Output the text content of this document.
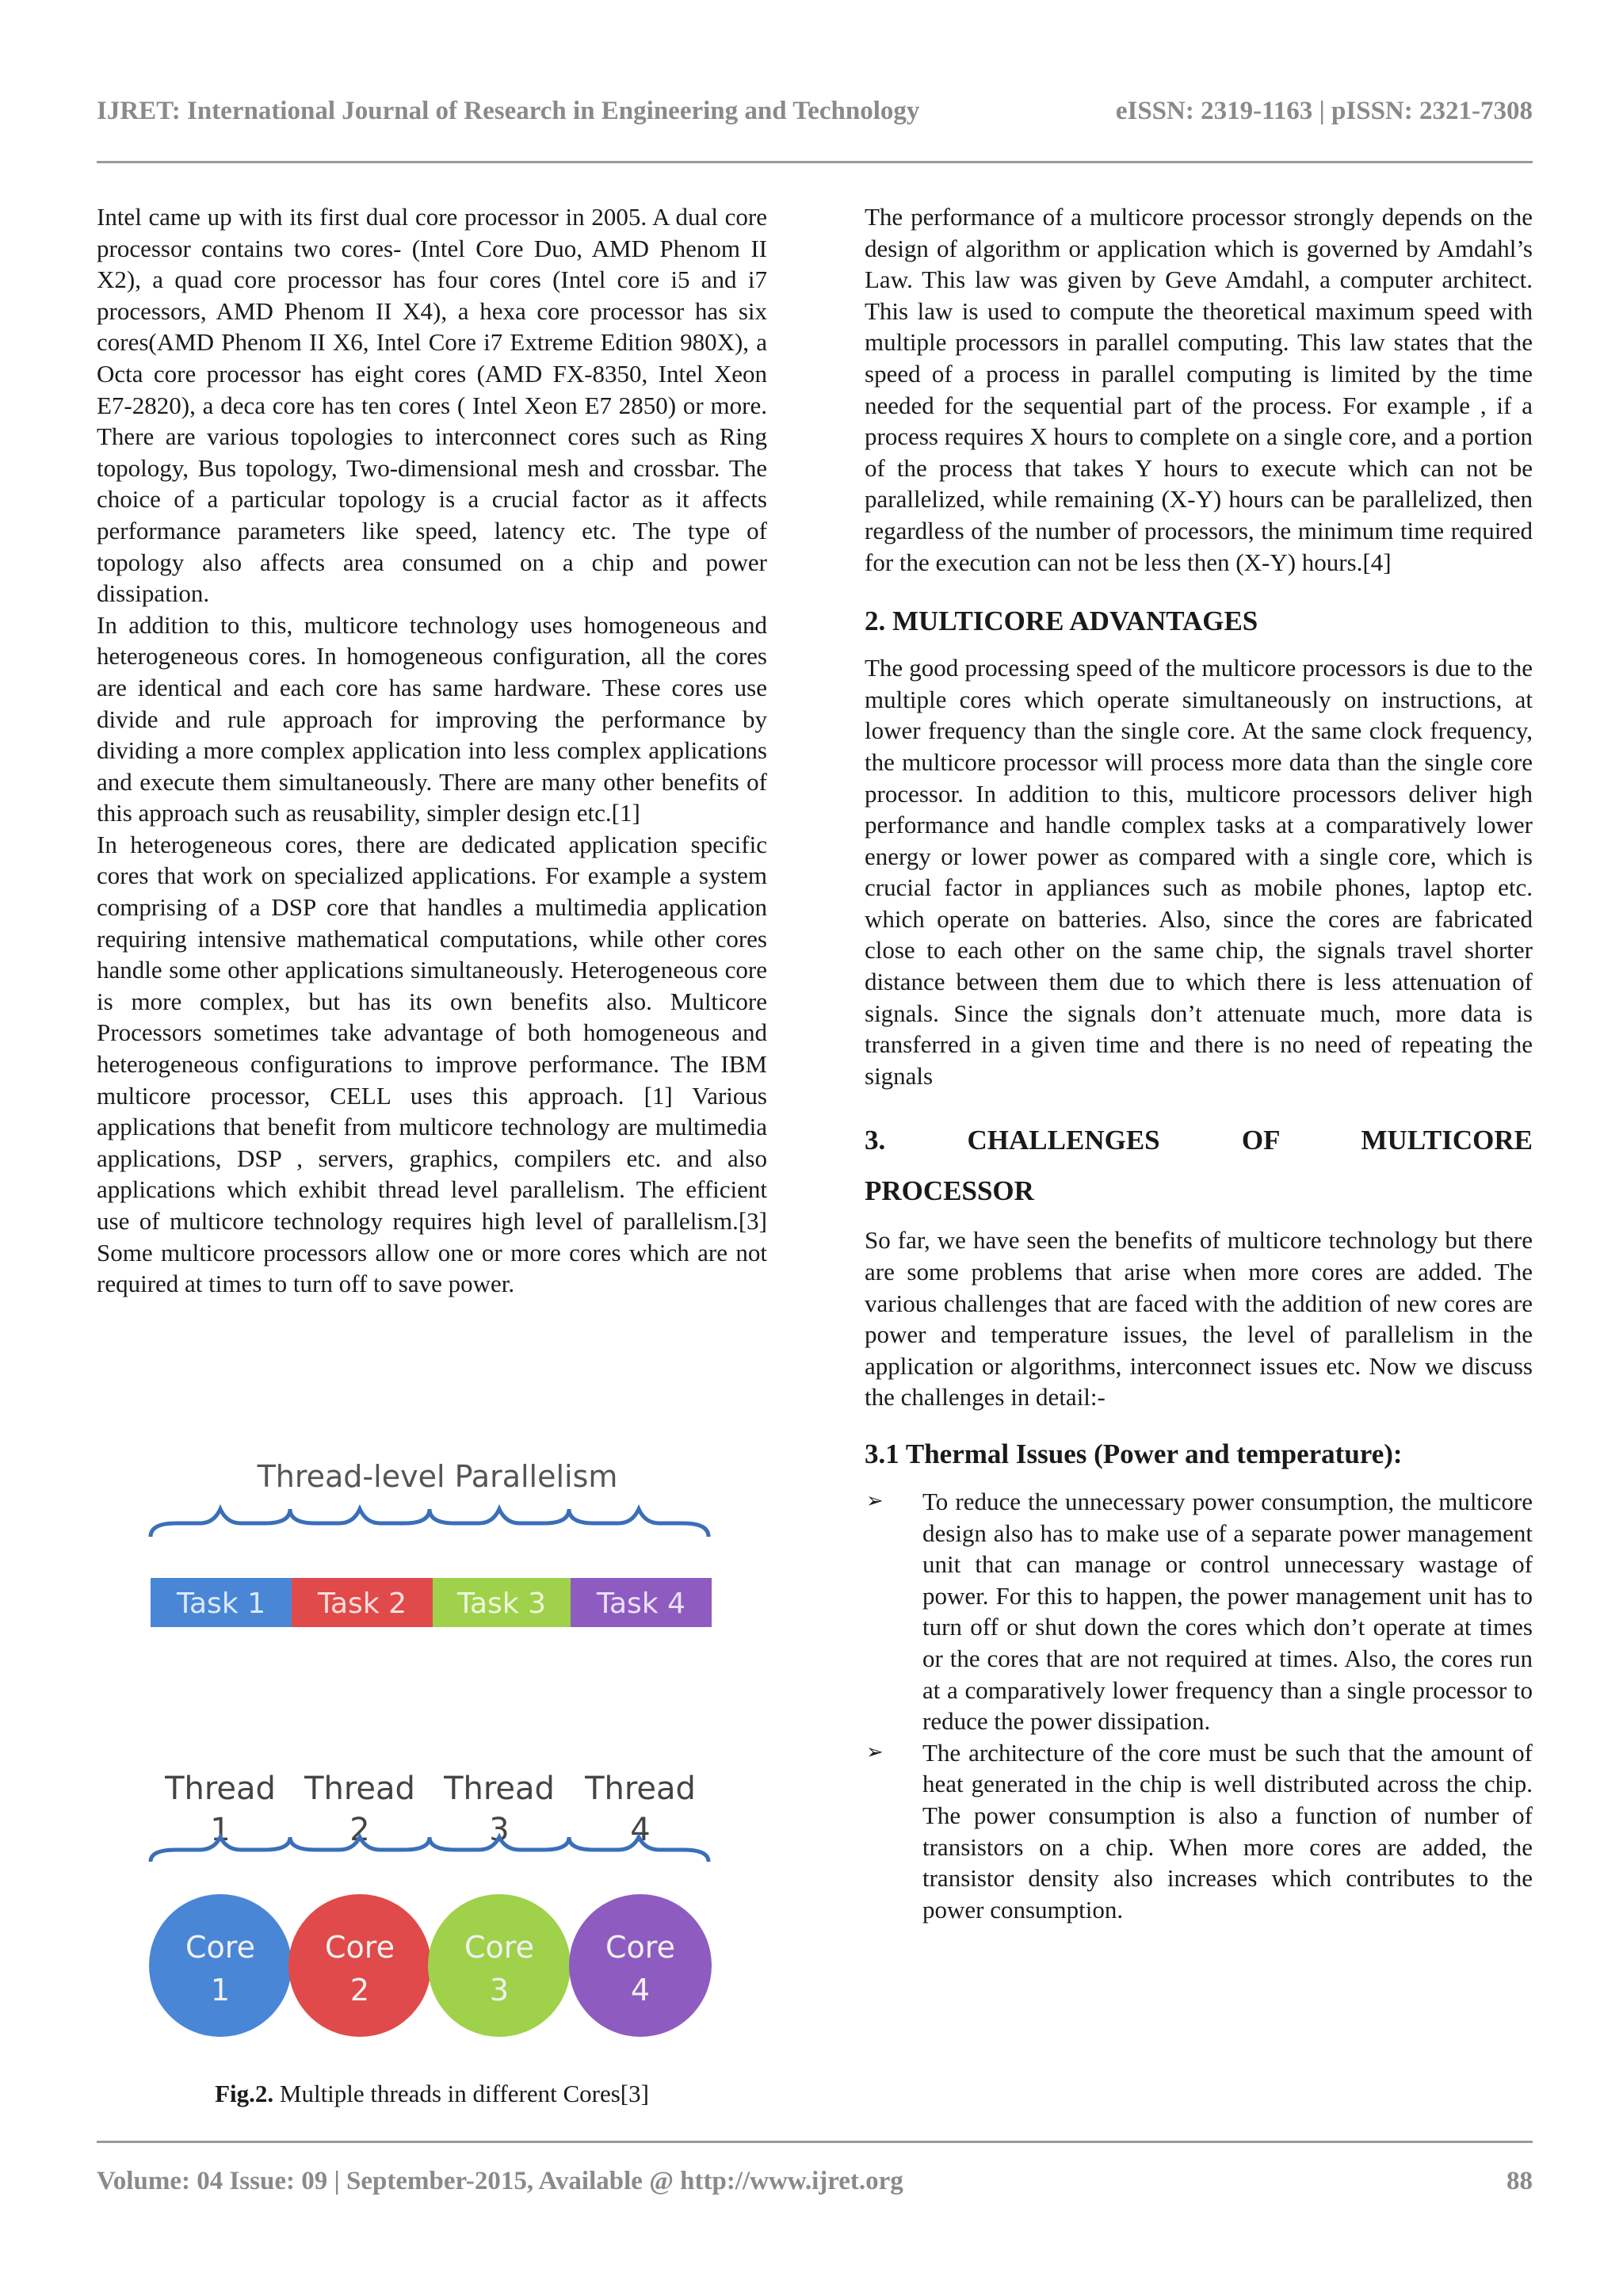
IJRET: International Journal of Research in Engineering and Technology	eISSN: 2319-1163 | pISSN: 2321-7308

Intel came up with its first dual core processor in 2005. A dual core processor contains two cores- (Intel Core Duo, AMD Phenom II X2), a quad core processor has four cores (Intel core i5 and i7 processors, AMD Phenom II X4), a hexa core processor has six cores(AMD Phenom II X6, Intel Core i7 Extreme Edition 980X), a Octa core processor has eight cores (AMD FX-8350, Intel Xeon E7-2820), a deca core has ten cores ( Intel Xeon E7 2850) or more. There are various topologies to interconnect cores such as Ring topology, Bus topology, Two-dimensional mesh and crossbar. The choice of a particular topology is a crucial factor as it affects performance parameters like speed, latency etc. The type of topology also affects area consumed on a chip and power dissipation.

In addition to this, multicore technology uses homogeneous and heterogeneous cores. In homogeneous configuration, all the cores are identical and each core has same hardware. These cores use divide and rule approach for improving the performance by dividing a more complex application into less complex applications and execute them simultaneously. There are many other benefits of this approach such as reusability, simpler design etc.[1]

In heterogeneous cores, there are dedicated application specific cores that work on specialized applications. For example a system comprising of a DSP core that handles a multimedia application requiring intensive mathematical computations, while other cores handle some other applications simultaneously. Heterogeneous core is more complex, but has its own benefits also. Multicore Processors sometimes take advantage of both homogeneous and heterogeneous configurations to improve performance. The IBM multicore processor, CELL uses this approach. [1] Various applications that benefit from multicore technology are multimedia applications, DSP , servers, graphics, compilers etc. and also applications which exhibit thread level parallelism. The efficient use of multicore technology requires high level of parallelism.[3] Some multicore processors allow one or more cores which are not required at times to turn off to save power.

Thread-level Parallelism
Task 1 Task 2 Task 3 Task 4
Thread
1
Thread
2
Thread
3
Thread
4
Core
1
Core
2
Core
3
Core
4
Fig.2. Multiple threads in different Cores[3]

The performance of a multicore processor strongly depends on the design of algorithm or application which is governed by Amdahl’s Law. This law was given by Geve Amdahl, a computer architect. This law is used to compute the theoretical maximum speed with multiple processors in parallel computing. This law states that the speed of a process in parallel computing is limited by the time needed for the sequential part of the process. For example , if a process requires X hours to complete on a single core, and a portion of the process that takes Y hours to execute which can not be parallelized, while remaining (X-Y) hours can be parallelized, then regardless of the number of processors, the minimum time required for the execution can not be less then (X-Y) hours.[4]

2. MULTICORE ADVANTAGES

The good processing speed of the multicore processors is due to the multiple cores which operate simultaneously on instructions, at lower frequency than the single core. At the same clock frequency, the multicore processor will process more data than the single core processor. In addition to this, multicore processors deliver high performance and handle complex tasks at a comparatively lower energy or lower power as compared with a single core, which is crucial factor in appliances such as mobile phones, laptop etc. which operate on batteries. Also, since the cores are fabricated close to each other on the same chip, the signals travel shorter distance between them due to which there is less attenuation of signals. Since the signals don’t attenuate much, more data is transferred in a given time and there is no need of repeating the signals

3. CHALLENGES OF MULTICORE
PROCESSOR

So far, we have seen the benefits of multicore technology but there are some problems that arise when more cores are added. The various challenges that are faced with the addition of new cores are power and temperature issues, the level of parallelism in the application or algorithms, interconnect issues etc. Now we discuss the challenges in detail:-

3.1 Thermal Issues (Power and temperature):
➢ To reduce the unnecessary power consumption, the multicore design also has to make use of a separate power management unit that can manage or control unnecessary wastage of power. For this to happen, the power management unit has to turn off or shut down the cores which don’t operate at times or the cores that are not required at times. Also, the cores run at a comparatively lower frequency than a single processor to reduce the power dissipation.
➢ The architecture of the core must be such that the amount of heat generated in the chip is well distributed across the chip. The power consumption is also a function of number of transistors on a chip. When more cores are added, the transistor density also increases which contributes to the power consumption.
Volume: 04 Issue: 09 | September-2015, Available @ http://www.ijret.org	88
